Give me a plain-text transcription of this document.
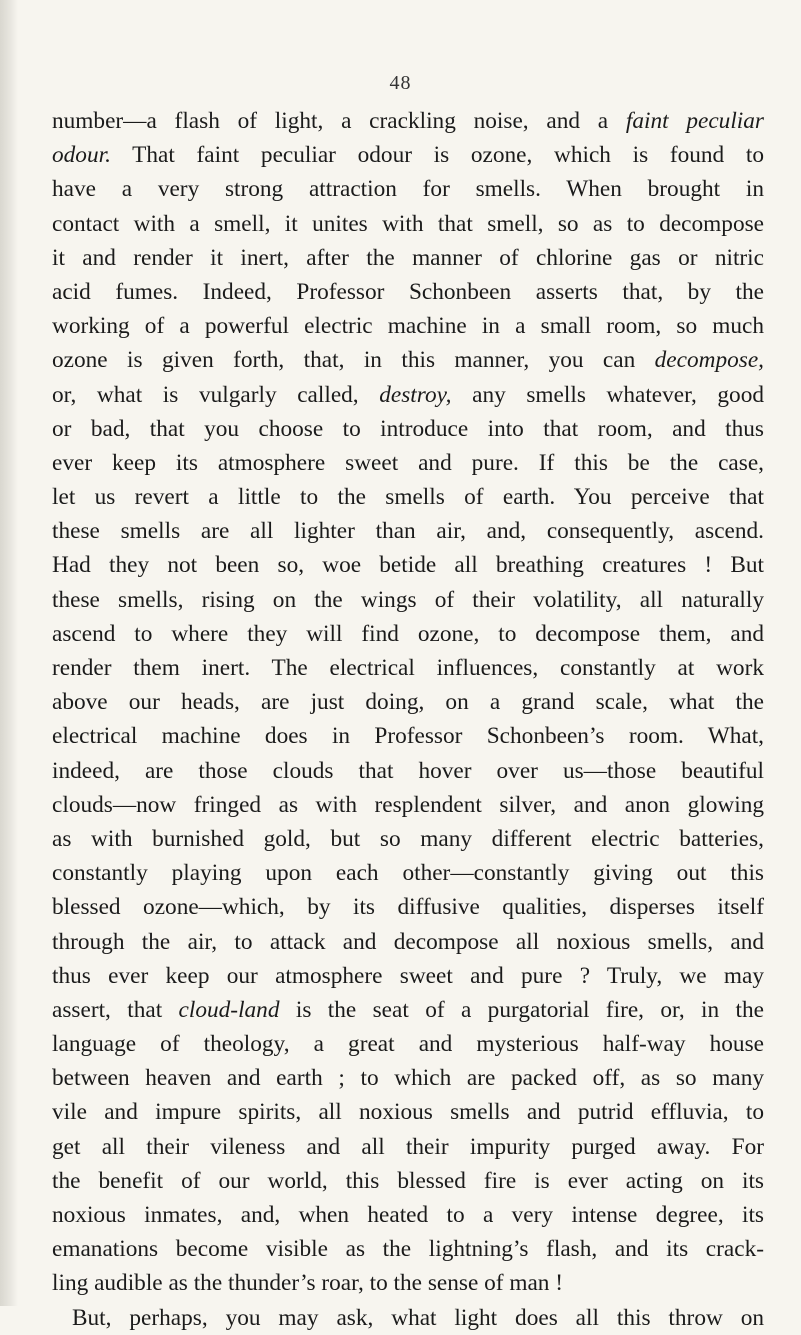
48
number—a flash of light, a crackling noise, and a faint peculiar
odour. That faint peculiar odour is ozone, which is found to
have a very strong attraction for smells. When brought in
contact with a smell, it unites with that smell, so as to decompose
it and render it inert, after the manner of chlorine gas or nitric
acid fumes. Indeed, Professor Schonbeen asserts that, by the
working of a powerful electric machine in a small room, so much
ozone is given forth, that, in this manner, you can decompose,
or, what is vulgarly called, destroy, any smells whatever, good
or bad, that you choose to introduce into that room, and thus
ever keep its atmosphere sweet and pure. If this be the case,
let us revert a little to the smells of earth. You perceive that
these smells are all lighter than air, and, consequently, ascend.
Had they not been so, woe betide all breathing creatures ! But
these smells, rising on the wings of their volatility, all naturally
ascend to where they will find ozone, to decompose them, and
render them inert. The electrical influences, constantly at work
above our heads, are just doing, on a grand scale, what the
electrical machine does in Professor Schonbeen’s room. What,
indeed, are those clouds that hover over us—those beautiful
clouds—now fringed as with resplendent silver, and anon glowing
as with burnished gold, but so many different electric batteries,
constantly playing upon each other—constantly giving out this
blessed ozone—which, by its diffusive qualities, disperses itself
through the air, to attack and decompose all noxious smells, and
thus ever keep our atmosphere sweet and pure ? Truly, we may
assert, that cloud-land is the seat of a purgatorial fire, or, in the
language of theology, a great and mysterious half-way house
between heaven and earth ; to which are packed off, as so many
vile and impure spirits, all noxious smells and putrid effluvia, to
get all their vileness and all their impurity purged away. For
the benefit of our world, this blessed fire is ever acting on its
noxious inmates, and, when heated to a very intense degree, its
emanations become visible as the lightning’s flash, and its crack-
ling audible as the thunder’s roar, to the sense of man !
But, perhaps, you may ask, what light does all this throw on
